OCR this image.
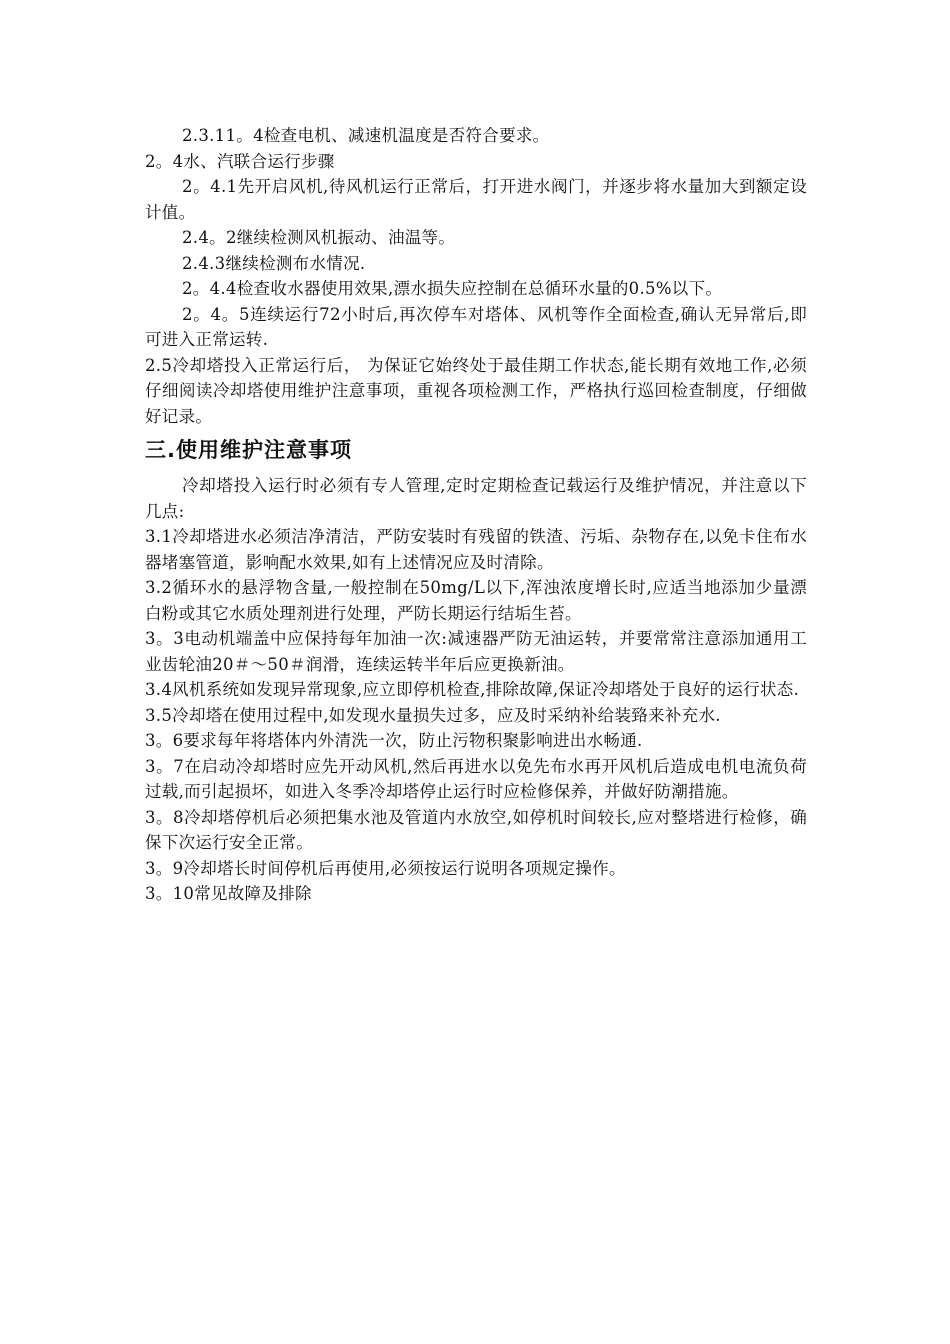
2.3.11。4检查电机、减速机温度是否符合要求。

2。4水、汽联合运行步骤

2。4.1先开启风机,待风机运行正常后，打开进水阀门，并逐步将水量加大到额定设计值。

2.4。2继续检测风机振动、油温等。

2.4.3继续检测布水情况.

2。4.4检查收水器使用效果,漂水损失应控制在总循环水量的0.5%以下。

2。4。5连续运行72小时后,再次停车对塔体、风机等作全面检查,确认无异常后,即可进入正常运转.

2.5冷却塔投入正常运行后， 为保证它始终处于最佳期工作状态,能长期有效地工作,必须仔细阅读冷却塔使用维护注意事项，重视各项检测工作，严格执行巡回检查制度，仔细做好记录。

三.使用维护注意事项

冷却塔投入运行时必须有专人管理,定时定期检查记载运行及维护情况，并注意以下几点:

3.1冷却塔进水必须洁净清洁，严防安装时有残留的铁渣、污垢、杂物存在,以免卡住布水器堵塞管道，影响配水效果,如有上述情况应及时清除。

3.2循环水的悬浮物含量,一般控制在50mg/L以下,浑浊浓度增长时,应适当地添加少量漂白粉或其它水质处理剂进行处理，严防长期运行结垢生苔。

3。3电动机端盖中应保持每年加油一次:减速器严防无油运转，并要常常注意添加通用工业齿轮油20＃～50＃润滑，连续运转半年后应更换新油。

3.4风机系统如发现异常现象,应立即停机检查,排除故障,保证冷却塔处于良好的运行状态.

3.5冷却塔在使用过程中,如发现水量损失过多，应及时采纳补给装臵来补充水.

3。6要求每年将塔体内外清洗一次，防止污物积聚影响进出水畅通.

3。7在启动冷却塔时应先开动风机,然后再进水以免先布水再开风机后造成电机电流负荷过载,而引起损坏，如进入冬季冷却塔停止运行时应检修保养，并做好防潮措施。

3。8冷却塔停机后必须把集水池及管道内水放空,如停机时间较长,应对整塔进行检修，确保下次运行安全正常。

3。9冷却塔长时间停机后再使用,必须按运行说明各项规定操作。

3。10常见故障及排除
